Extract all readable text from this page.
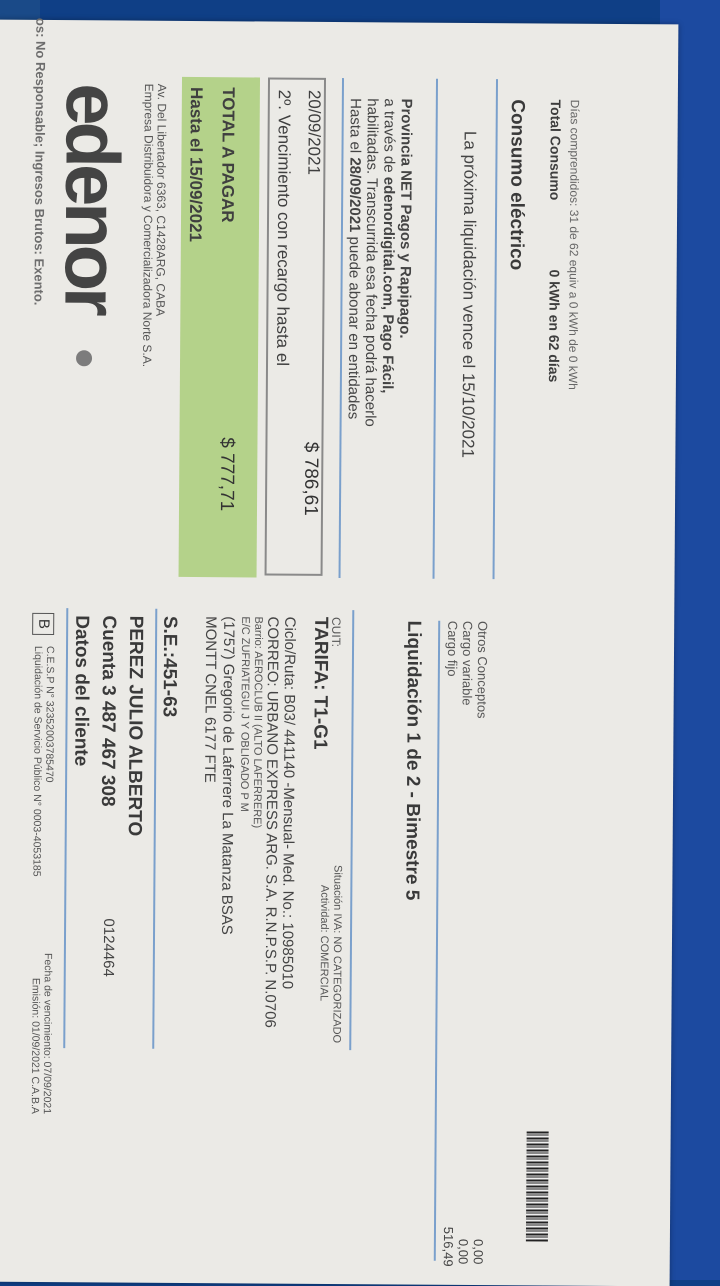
os: No Responsable; Ingresos Brutos: Exento. edenor Empresa Distribuidora y Comercializadora Norte S.A.
Av. Del Libertador 6363, C1428ARG, CABA Hasta el 15/09/2021 TOTAL A PAGAR
$ 777,71
2º. Vencimiento con recargo hasta el 20/09/2021
$ 786,61
Hasta el 28/09/2021 puede abonar en entidades
habilitadas. Transcurrida esa fecha podrá hacerlo a través de edenordigital.com, Pago Fácil,
Provincia NET Pagos y Rapipago.	La próxima liquidación vence el 15/10/2021 Consumo eléctrico Total Consumo
0 kWh en 62 días Días comprendidos: 31 de 62 equiv a 0 kWh de 0 kWh
B
Liquidación de Servicio Público N° 0003-4053185 C.E.S.P N° 32352003785470
Emisión: 01/09/2021 C.A.B.A Fecha de vencimiento: 07/09/2021
Datos del cliente Cuenta 3 487 467 308 PEREZ JULIO ALBERTO
0124464
S.E.:451-63 MONTT CNEL 6177 FTE
(1757) Gregorio de Laferrere La Matanza BSAS E/C ZUFRIATEGUI J Y OBLIGADO P M Barrio: AEROCLUB II (ALTO LAFERRERE)
CORREO: URBANO EXPRESS ARG. S.A. R.N.P.S.P. N.0706
Ciclo/Ruta: B03/ 441140 -Mensual- Med. No.: 10985010 TARIFA: T1-G1
CUIT:
Actividad: COMERCIAL Situación IVA: NO CATEGORIZADO
Liquidación 1 de 2 - Bimestre 5 Cargo fijo Cargo variable Otros Conceptos
516,49 0,00 0,00
